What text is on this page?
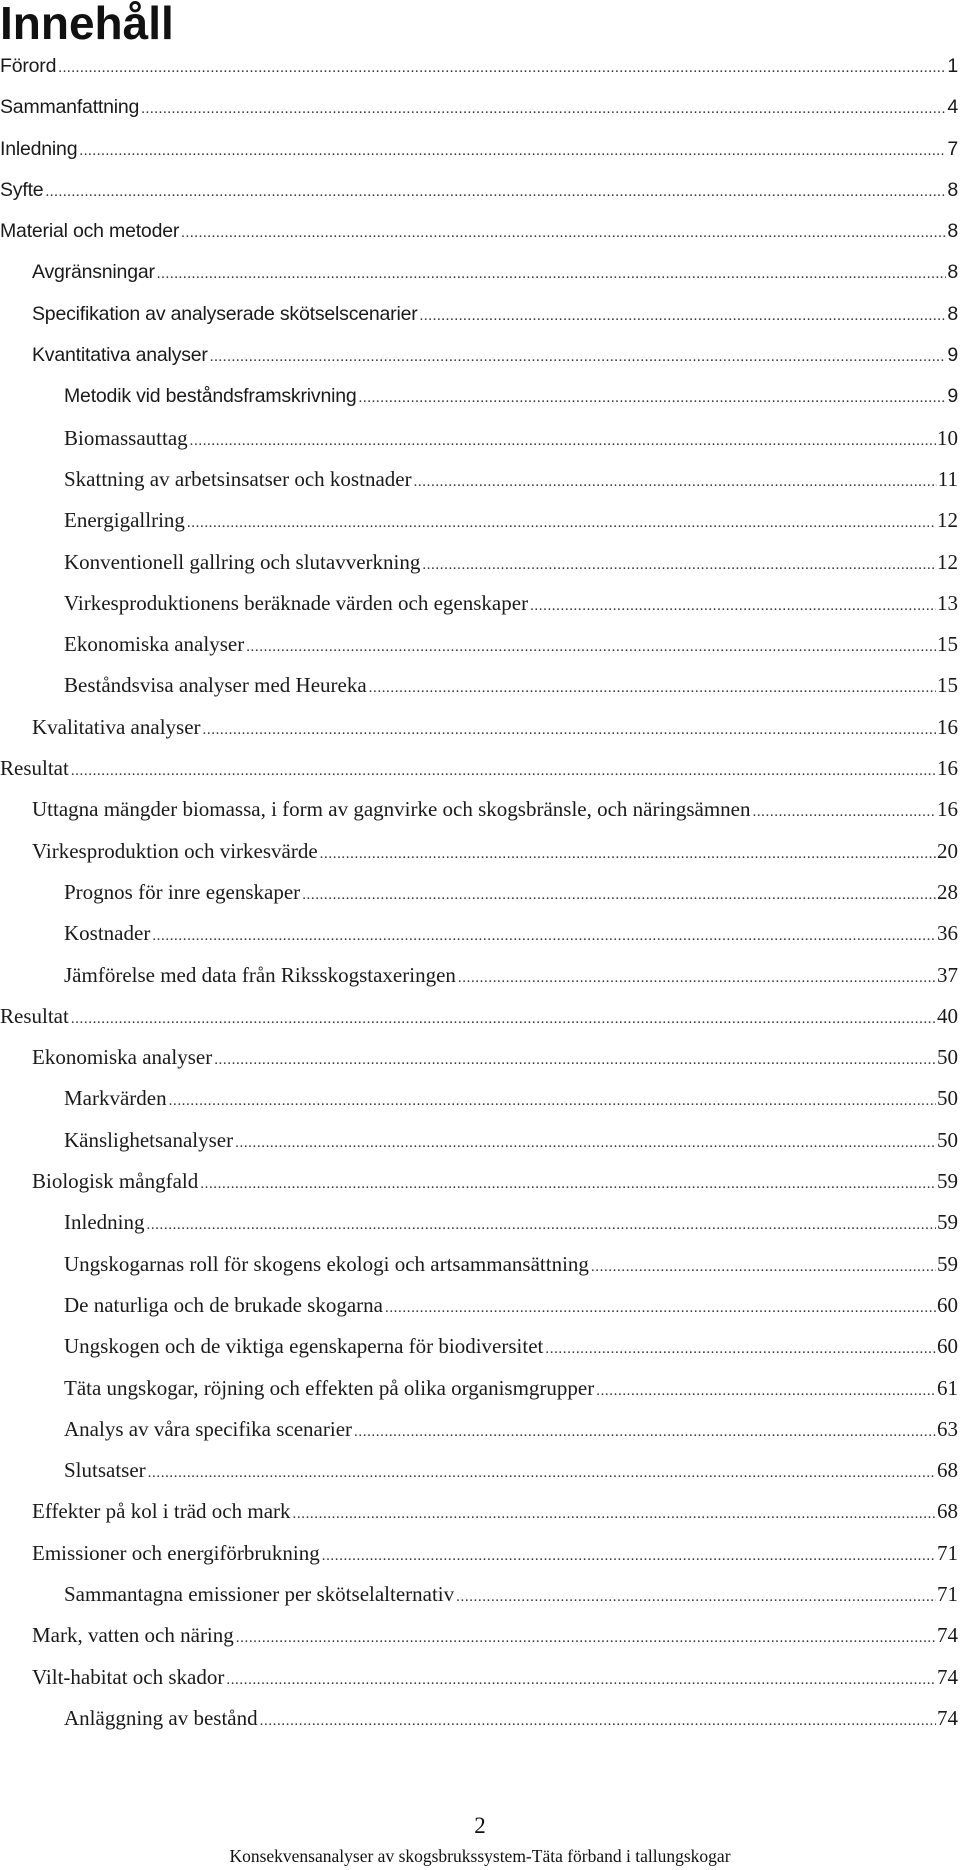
Innehåll
Förord .....	1
Sammanfattning .....	4
Inledning .....	7
Syfte .....	8
Material och metoder .....	8
Avgränsningar .....	8
Specifikation av analyserade skötselscenarier .....	8
Kvantitativa analyser .....	9
Metodik vid beståndsframskrivning .....	9
Biomassauttag .....	10
Skattning av arbetsinsatser och kostnader .....	11
Energigallring .....	12
Konventionell gallring och slutavverkning .....	12
Virkesproduktionens beräknade värden och egenskaper .....	13
Ekonomiska analyser .....	15
Beståndsvisa analyser med Heureka .....	15
Kvalitativa analyser .....	16
Resultat .....	16
Uttagna mängder biomassa, i form av gagnvirke och skogsbränsle, och näringsämnen .....	16
Virkesproduktion och virkesvärde .....	20
Prognos för inre egenskaper .....	28
Kostnader .....	36
Jämförelse med data från Riksskogstaxeringen .....	37
Resultat .....	40
Ekonomiska analyser .....	50
Markvärden .....	50
Känslighetsanalyser .....	50
Biologisk mångfald .....	59
Inledning .....	59
Ungskogarnas roll för skogens ekologi och artsammansättning .....	59
De naturliga och de brukade skogarna .....	60
Ungskogen och de viktiga egenskaperna för biodiversitet .....	60
Täta ungskogar, röjning och effekten på olika organismgrupper .....	61
Analys av våra specifika scenarier .....	63
Slutsatser .....	68
Effekter på kol i träd och mark .....	68
Emissioner och energiförbrukning .....	71
Sammantagna emissioner per skötselalternativ .....	71
Mark, vatten och näring .....	74
Vilt-habitat och skador .....	74
Anläggning av bestånd .....	74
2
Konsekvensanalyser av skogsbrukssystem-Täta förband i tallungskogar
